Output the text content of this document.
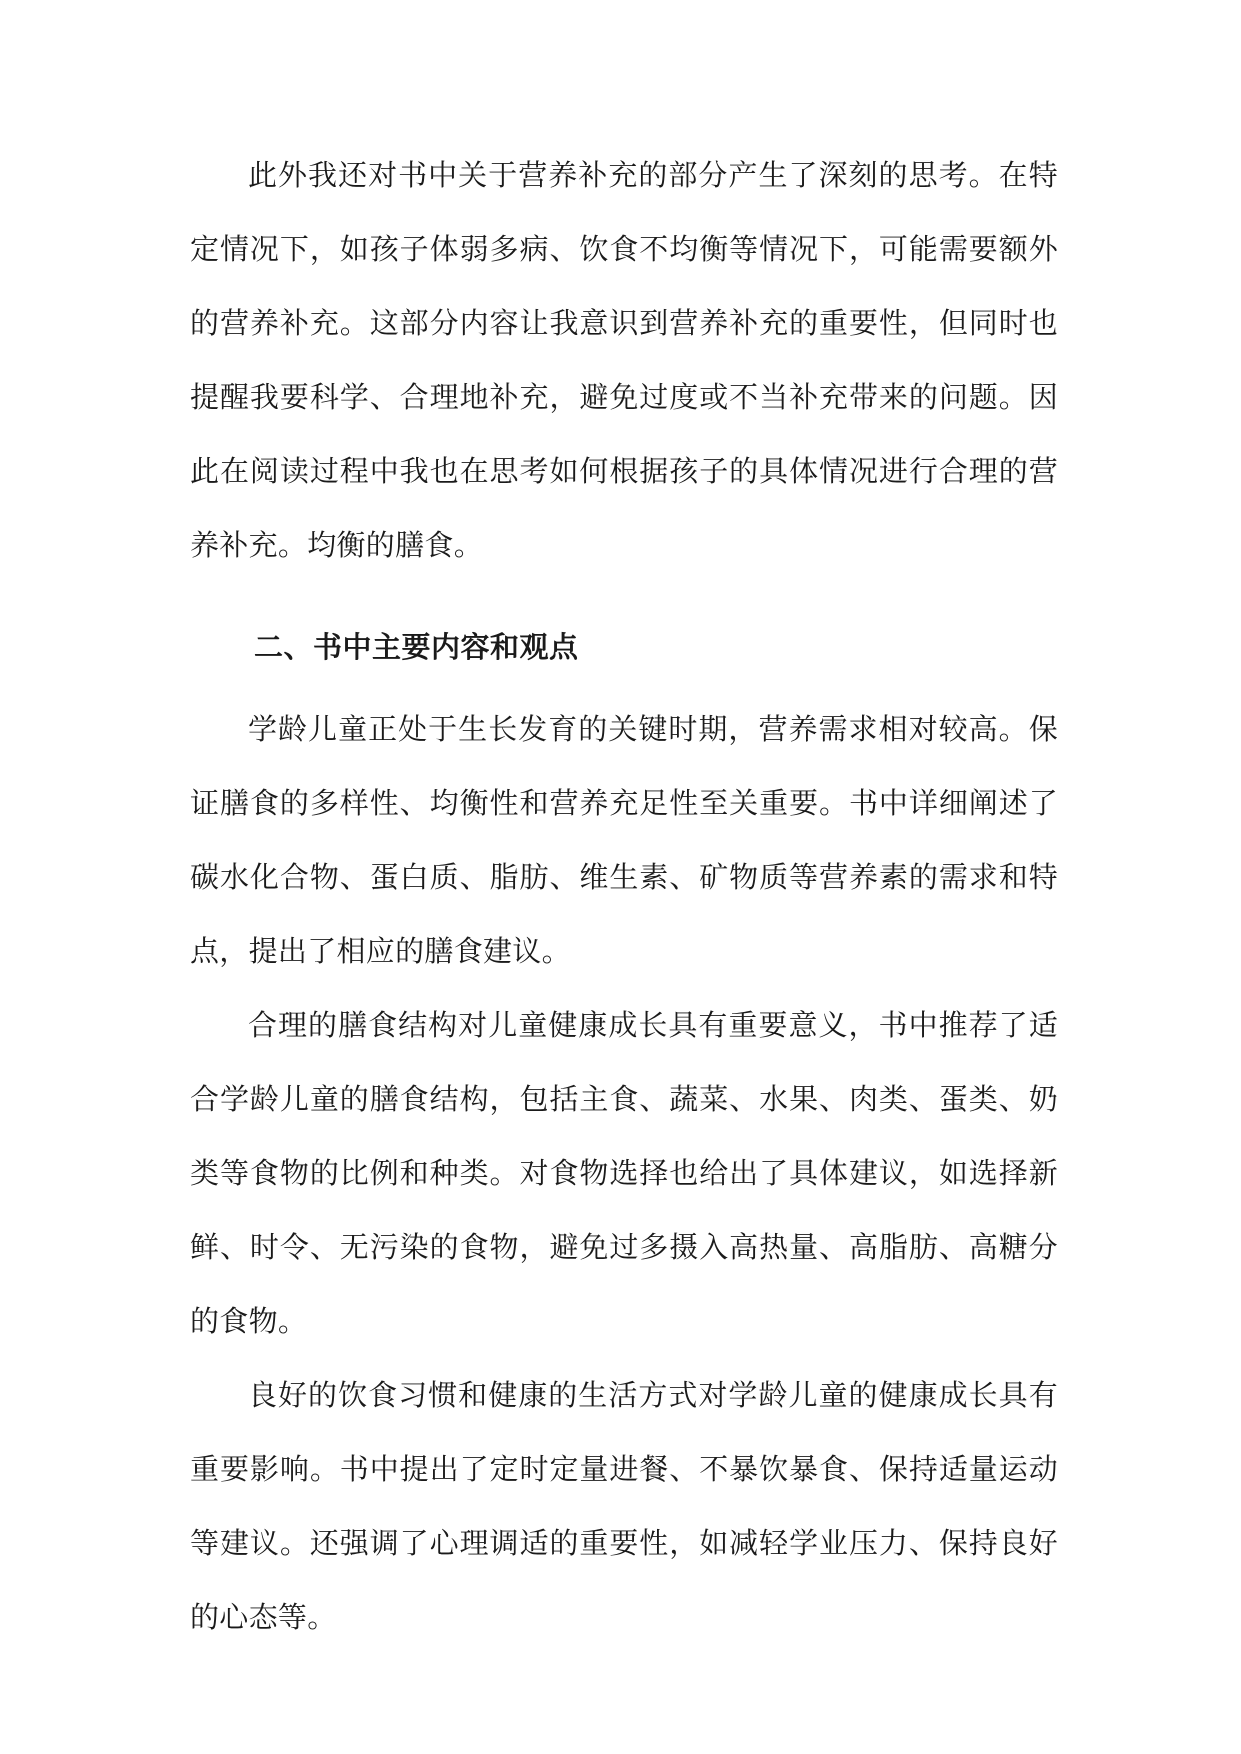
此外我还对书中关于营养补充的部分产生了深刻的思考。在特定情况下，如孩子体弱多病、饮食不均衡等情况下，可能需要额外的营养补充。这部分内容让我意识到营养补充的重要性，但同时也提醒我要科学、合理地补充，避免过度或不当补充带来的问题。因此在阅读过程中我也在思考如何根据孩子的具体情况进行合理的营养补充。均衡的膳食。

二、书中主要内容和观点

学龄儿童正处于生长发育的关键时期，营养需求相对较高。保证膳食的多样性、均衡性和营养充足性至关重要。书中详细阐述了碳水化合物、蛋白质、脂肪、维生素、矿物质等营养素的需求和特点，提出了相应的膳食建议。

合理的膳食结构对儿童健康成长具有重要意义，书中推荐了适合学龄儿童的膳食结构，包括主食、蔬菜、水果、肉类、蛋类、奶类等食物的比例和种类。对食物选择也给出了具体建议，如选择新鲜、时令、无污染的食物，避免过多摄入高热量、高脂肪、高糖分的食物。

良好的饮食习惯和健康的生活方式对学龄儿童的健康成长具有重要影响。书中提出了定时定量进餐、不暴饮暴食、保持适量运动等建议。还强调了心理调适的重要性，如减轻学业压力、保持良好的心态等。
